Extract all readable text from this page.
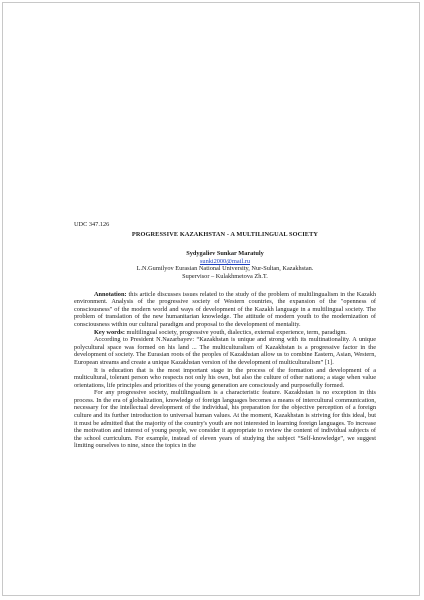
UDC 347.126

PROGRESSIVE KAZAKHSTAN - A MULTILINGUAL SOCIETY

Sydygaliev Sunkar Maratuly

sunki2000@mail.ru

L.N.Gumilyov Eurasian National University, Nur-Sultan, Kazakhstan.

Supervisor – Kulakhmetova Zh.T.

Annotation: this article discusses issues related to the study of the problem of multilingualism in the Kazakh environment. Analysis of the progressive society of Western countries, the expansion of the "openness of consciousness" of the modern world and ways of development of the Kazakh language in a multilingual society. The problem of translation of the new humanitarian knowledge. The attitude of modern youth to the modernization of consciousness within our cultural paradigm and proposal to the development of mentality.

Key words: multilingual society, progressive youth, dialectics, external experience, term, paradigm.

According to President N.Nazarbayev: “Kazakhstan is unique and strong with its multinationality. A unique polycultural space was formed on his land ... The multiculturalism of Kazakhstan is a progressive factor in the development of society. The Eurasian roots of the peoples of Kazakhstan allow us to combine Eastern, Asian, Western, European streams and create a unique Kazakhstan version of the development of multiculturalism” [1].

It is education that is the most important stage in the process of the formation and development of a multicultural, tolerant person who respects not only his own, but also the culture of other nations; a stage when value orientations, life principles and priorities of the young generation are consciously and purposefully formed.

For any progressive society, multilingualism is a characteristic feature. Kazakhstan is no exception in this process. In the era of globalization, knowledge of foreign languages becomes a means of intercultural communication, necessary for the intellectual development of the individual, his preparation for the objective perception of a foreign culture and its further introduction to universal human values. At the moment, Kazakhstan is striving for this ideal, but it must be admitted that the majority of the country's youth are not interested in learning foreign languages. To increase the motivation and interest of young people, we consider it appropriate to review the content of individual subjects of the school curriculum. For example, instead of eleven years of studying the subject “Self-knowledge”, we suggest limiting ourselves to nine, since the topics in the
